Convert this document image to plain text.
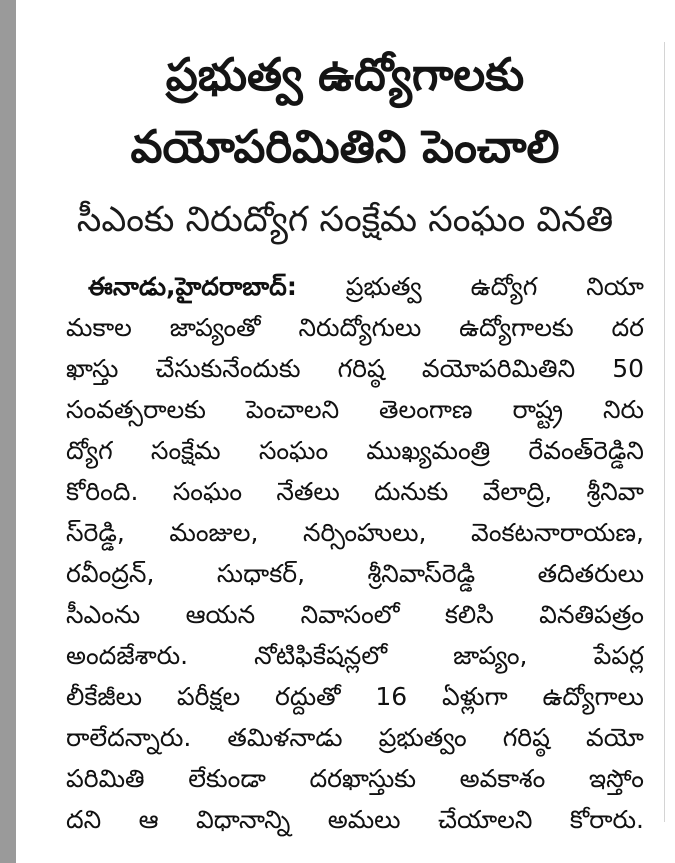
ప్రభుత్వ ఉద్యోగాలకు
వయోపరిమితిని పెంచాలి
సీఎంకు నిరుద్యోగ సంక్షేమ సంఘం వినతి
ఈనాడు,హైదరాబాద్: ప్రభుత్వ ఉద్యోగ నియా
మకాల జాప్యంతో నిరుద్యోగులు ఉద్యోగాలకు దర
ఖాస్తు చేసుకునేందుకు గరిష్ఠ వయోపరిమితిని 50
సంవత్సరాలకు పెంచాలని తెలంగాణ రాష్ట్ర నిరు
ద్యోగ సంక్షేమ సంఘం ముఖ్యమంత్రి రేవంత్‌రెడ్డిని
కోరింది. సంఘం నేతలు దునుకు వేలాద్రి, శ్రీనివా
స్‌రెడ్డి, మంజుల, నర్సింహులు, వెంకటనారాయణ,
రవీంద్రన్‌, సుధాకర్‌, శ్రీనివాస్‌రెడ్డి తదితరులు
సీఎంను ఆయన నివాసంలో కలిసి వినతిపత్రం
అందజేశారు.	నోటిఫికేషన్లలో	జాప్యం,	పేపర్ల
లీకేజీలు పరీక్షల రద్దుతో 16 ఏళ్లుగా ఉద్యోగాలు
రాలేదన్నారు. తమిళనాడు ప్రభుత్వం గరిష్ఠ వయో
పరిమితి లేకుండా దరఖాస్తుకు అవకాశం ఇస్తోం
దని ఆ విధానాన్ని అమలు చేయాలని కోరారు.
